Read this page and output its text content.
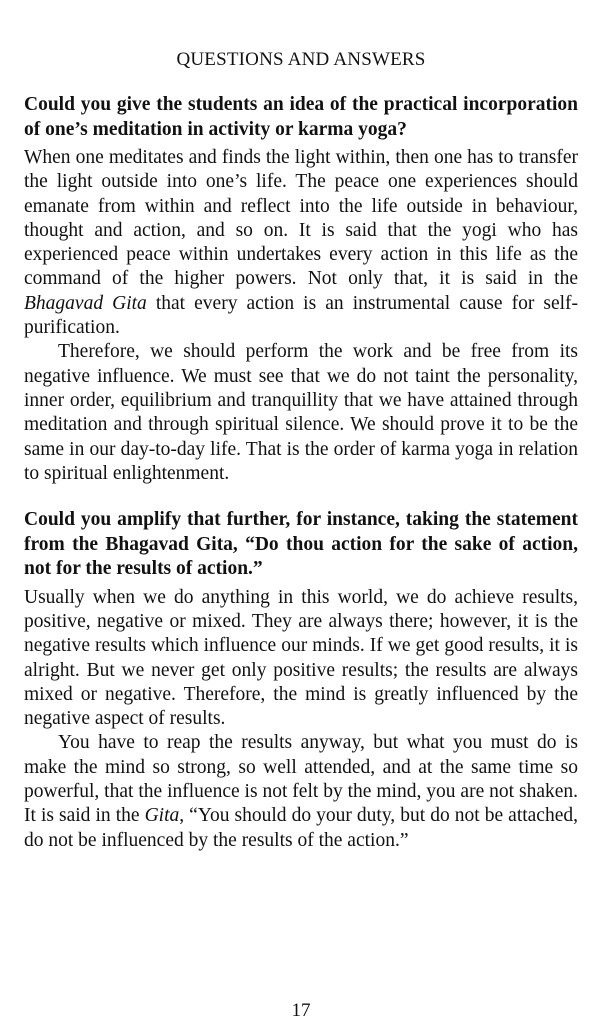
QUESTIONS AND ANSWERS

Could you give the students an idea of the practical incorporation of one’s meditation in activity or karma yoga?

When one meditates and finds the light within, then one has to transfer the light outside into one’s life. The peace one experiences should emanate from within and reflect into the life outside in behaviour, thought and action, and so on. It is said that the yogi who has experienced peace within undertakes every action in this life as the command of the higher powers. Not only that, it is said in the Bhagavad Gita that every action is an instrumental cause for self-purification.

Therefore, we should perform the work and be free from its negative influence. We must see that we do not taint the personality, inner order, equilibrium and tranquillity that we have attained through meditation and through spiritual silence. We should prove it to be the same in our day-to-day life. That is the order of karma yoga in relation to spiritual enlightenment.

Could you amplify that further, for instance, taking the statement from the Bhagavad Gita, “Do thou action for the sake of action, not for the results of action.”

Usually when we do anything in this world, we do achieve results, positive, negative or mixed. They are always there; however, it is the negative results which influence our minds. If we get good results, it is alright. But we never get only positive results; the results are always mixed or negative. Therefore, the mind is greatly influenced by the negative aspect of results.

You have to reap the results anyway, but what you must do is make the mind so strong, so well attended, and at the same time so powerful, that the influence is not felt by the mind, you are not shaken. It is said in the Gita, “You should do your duty, but do not be attached, do not be influenced by the results of the action.”

17
